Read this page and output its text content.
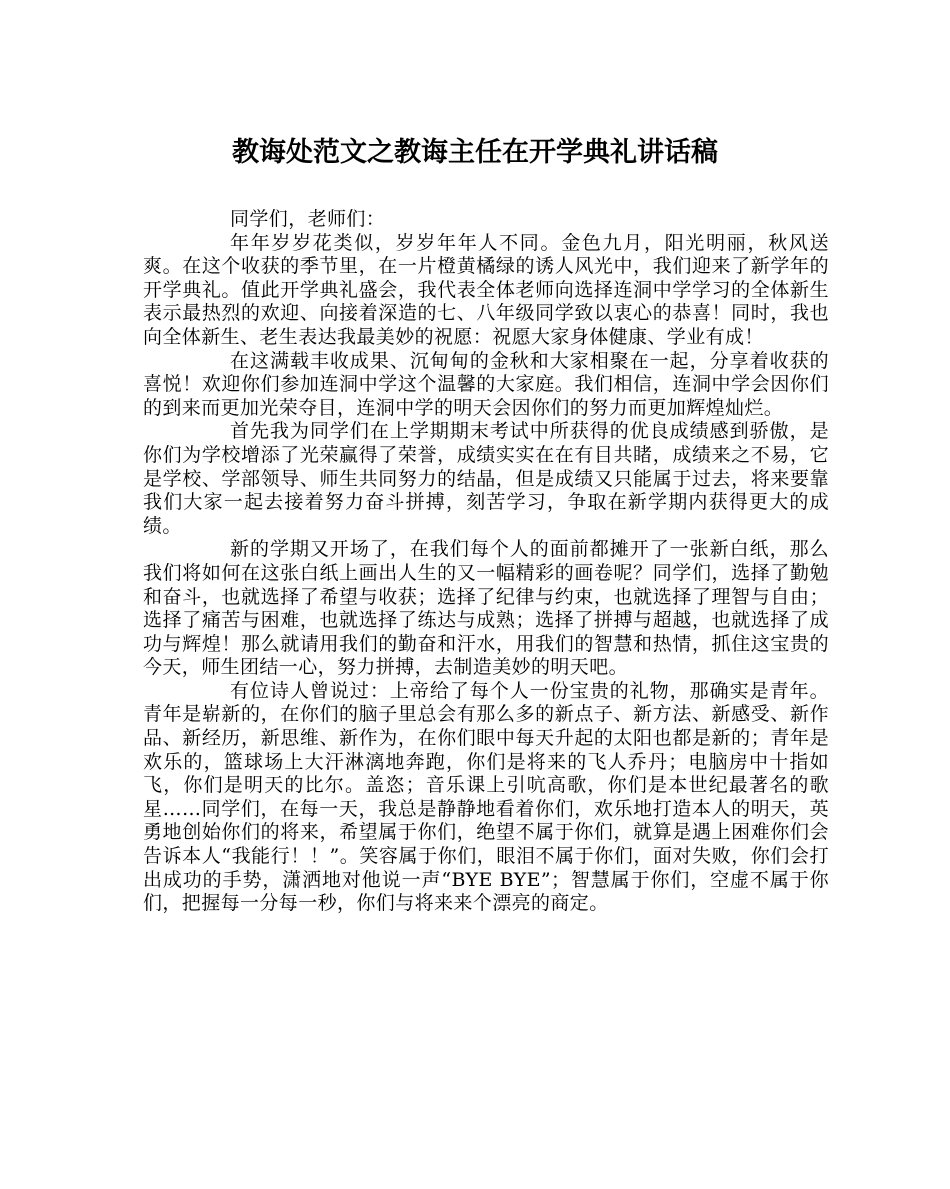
教诲处范文之教诲主任在开学典礼讲话稿

同学们，老师们：

年年岁岁花类似，岁岁年年人不同。金色九月，阳光明丽，秋风送爽。在这个收获的季节里，在一片橙黄橘绿的诱人风光中，我们迎来了新学年的开学典礼。值此开学典礼盛会，我代表全体老师向选择连洞中学学习的全体新生表示最热烈的欢迎、向接着深造的七、八年级同学致以衷心的恭喜！同时，我也向全体新生、老生表达我最美妙的祝愿：祝愿大家身体健康、学业有成！

在这满载丰收成果、沉甸甸的金秋和大家相聚在一起，分享着收获的喜悦！欢迎你们参加连洞中学这个温馨的大家庭。我们相信，连洞中学会因你们的到来而更加光荣夺目，连洞中学的明天会因你们的努力而更加辉煌灿烂。

首先我为同学们在上学期期末考试中所获得的优良成绩感到骄傲，是你们为学校增添了光荣赢得了荣誉，成绩实实在在有目共睹，成绩来之不易，它是学校、学部领导、师生共同努力的结晶，但是成绩又只能属于过去，将来要靠我们大家一起去接着努力奋斗拼搏，刻苦学习，争取在新学期内获得更大的成绩。

新的学期又开场了，在我们每个人的面前都摊开了一张新白纸，那么我们将如何在这张白纸上画出人生的又一幅精彩的画卷呢？同学们，选择了勤勉和奋斗，也就选择了希望与收获；选择了纪律与约束，也就选择了理智与自由；选择了痛苦与困难，也就选择了练达与成熟；选择了拼搏与超越，也就选择了成功与辉煌！那么就请用我们的勤奋和汗水，用我们的智慧和热情，抓住这宝贵的今天，师生团结一心，努力拼搏，去制造美妙的明天吧。

有位诗人曾说过：上帝给了每个人一份宝贵的礼物，那确实是青年。青年是崭新的，在你们的脑子里总会有那么多的新点子、新方法、新感受、新作品、新经历，新思维、新作为，在你们眼中每天升起的太阳也都是新的；青年是欢乐的，篮球场上大汗淋漓地奔跑，你们是将来的飞人乔丹；电脑房中十指如飞，你们是明天的比尔。盖恣；音乐课上引吭高歌，你们是本世纪最著名的歌星……同学们，在每一天，我总是静静地看着你们，欢乐地打造本人的明天，英勇地创始你们的将来，希望属于你们，绝望不属于你们，就算是遇上困难你们会告诉本人“我能行！！”。笑容属于你们，眼泪不属于你们，面对失败，你们会打出成功的手势，潇洒地对他说一声“BYE BYE”；智慧属于你们，空虚不属于你们，把握每一分每一秒，你们与将来来个漂亮的商定。
